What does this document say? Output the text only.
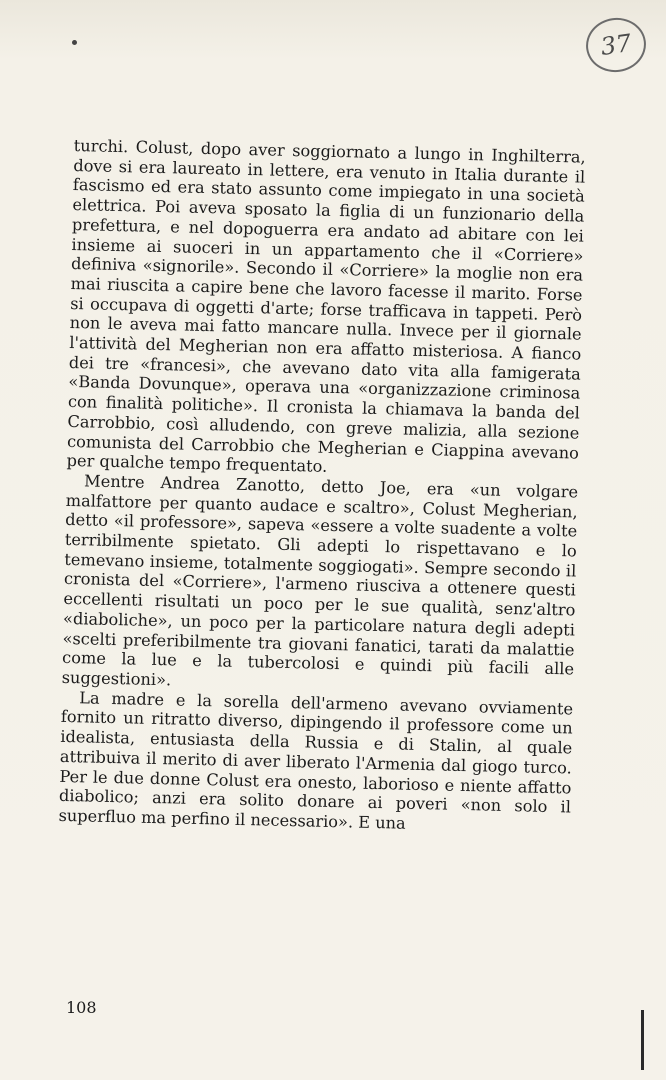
37

turchi. Colust, dopo aver soggiornato a lungo in Inghilterra, dove si era laureato in lettere, era venuto in Italia durante il fascismo ed era stato assunto come impiegato in una società elettrica. Poi aveva sposato la figlia di un funzionario della prefettura, e nel dopoguerra era andato ad abitare con lei insieme ai suoceri in un appartamento che il «Corriere» definiva «signorile». Secondo il «Corriere» la moglie non era mai riuscita a capire bene che lavoro facesse il marito. Forse si occupava di oggetti d'arte; forse trafficava in tappeti. Però non le aveva mai fatto mancare nulla. Invece per il giornale l'attività del Megherian non era affatto misteriosa. A fianco dei tre «francesi», che avevano dato vita alla famigerata «Banda Dovunque», operava una «organizzazione criminosa con finalità politiche». Il cronista la chiamava la banda del Carrobbio, così alludendo, con greve malizia, alla sezione comunista del Carrobbio che Megherian e Ciappina avevano per qualche tempo frequentato.

Mentre Andrea Zanotto, detto Joe, era «un volgare malfattore per quanto audace e scaltro», Colust Megherian, detto «il professore», sapeva «essere a volte suadente a volte terribilmente spietato. Gli adepti lo rispettavano e lo temevano insieme, totalmente soggiogati». Sempre secondo il cronista del «Corriere», l'armeno riusciva a ottenere questi eccellenti risultati un poco per le sue qualità, senz'altro «diaboliche», un poco per la particolare natura degli adepti «scelti preferibilmente tra giovani fanatici, tarati da malattie come la lue e la tubercolosi e quindi più facili alle suggestioni».

La madre e la sorella dell'armeno avevano ovviamente fornito un ritratto diverso, dipingendo il professore come un idealista, entusiasta della Russia e di Stalin, al quale attribuiva il merito di aver liberato l'Armenia dal giogo turco. Per le due donne Colust era onesto, laborioso e niente affatto diabolico; anzi era solito donare ai poveri «non solo il superfluo ma perfino il necessario». E una

108
